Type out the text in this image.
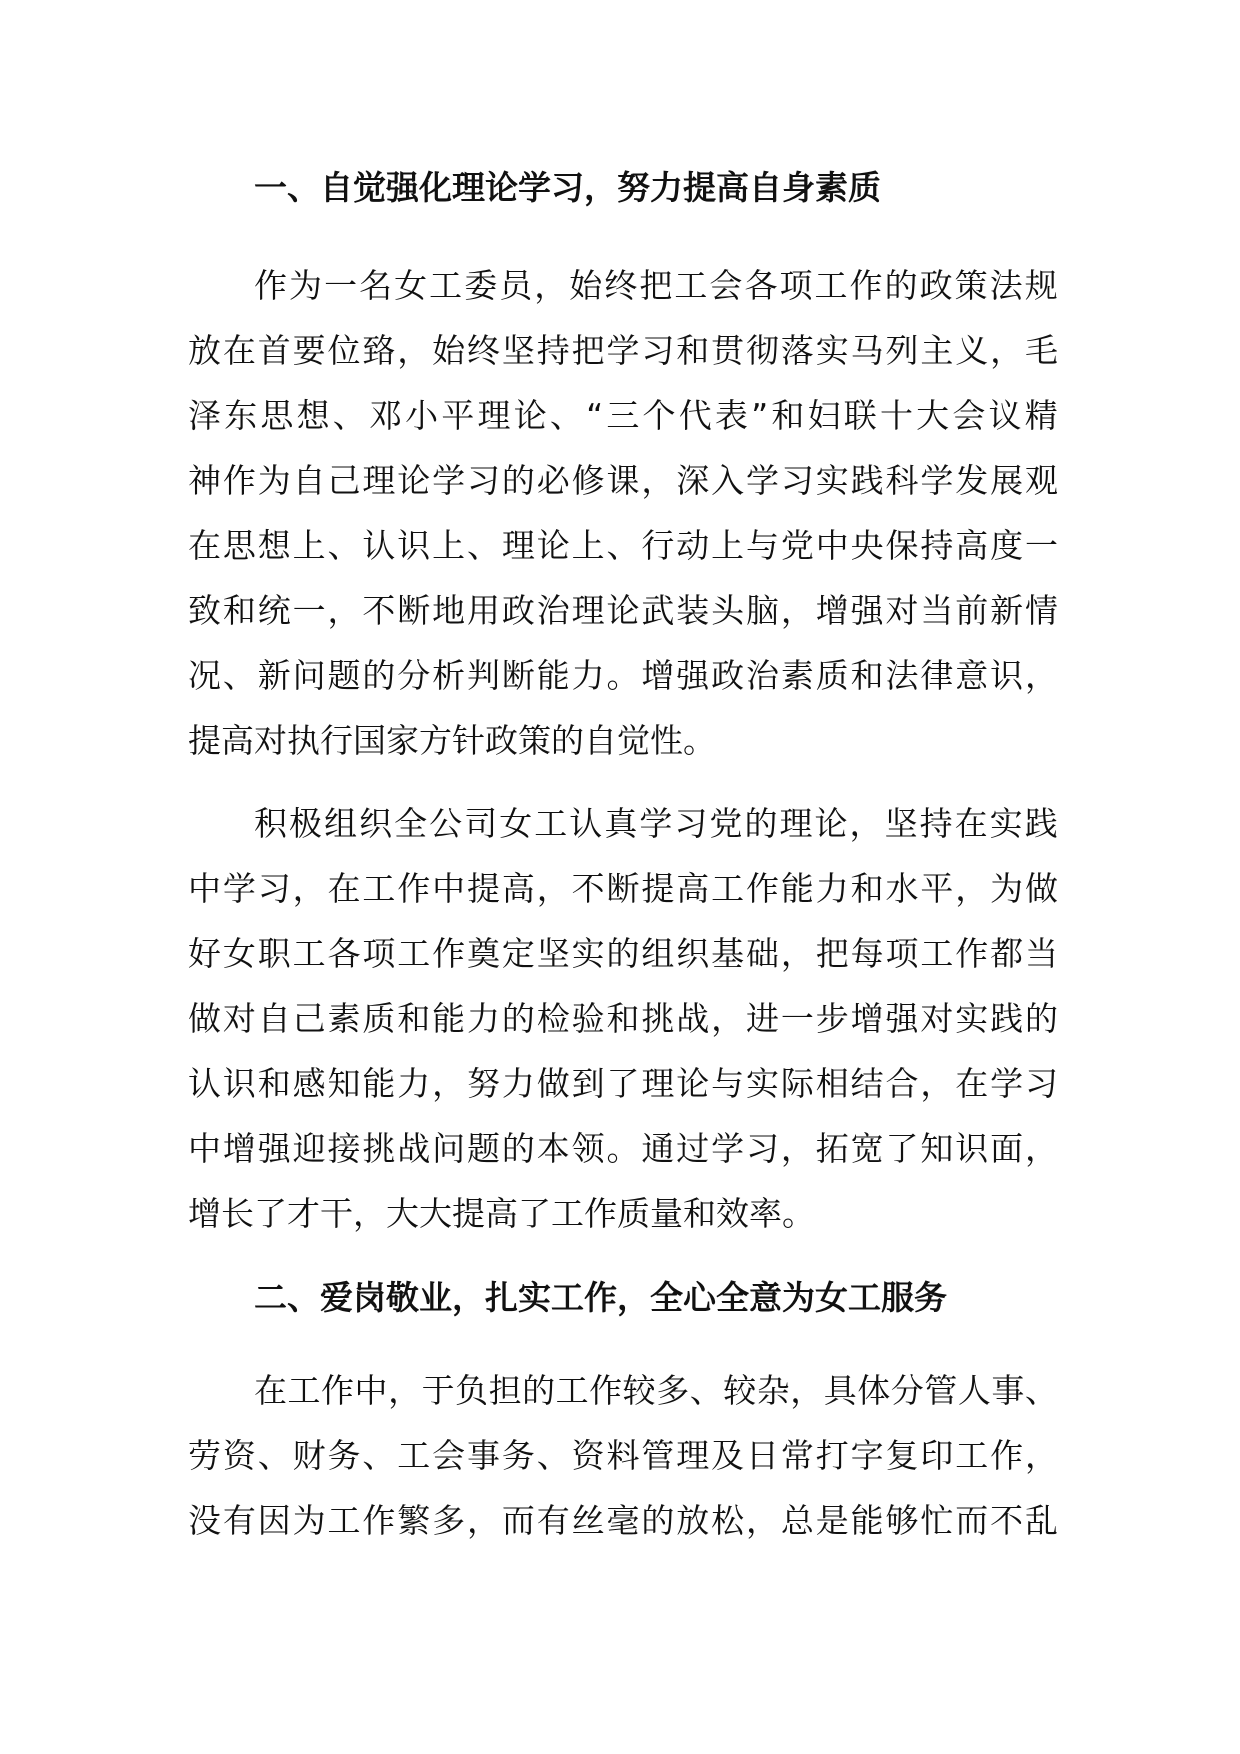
一、自觉强化理论学习，努力提高自身素质
作 为 一 名 女 工 委 员 ， 始 终 把 工 会 各 项 工 作 的 政 策 法 规
放 在 首 要 位 臵 ， 始 终 坚 持 把 学 习 和 贯 彻 落 实 马 列 主 义 ， 毛
泽 东 思 想 、 邓 小 平 理 论 、 “ 三 个 代 表 ” 和 妇 联 十 大 会 议 精
神 作 为 自 己 理 论 学 习 的 必 修 课 ， 深 入 学 习 实 践 科 学 发 展 观
在 思 想 上 、 认 识 上 、 理 论 上 、 行 动 上 与 党 中 央 保 持 高 度 一
致 和 统 一 ， 不 断 地 用 政 治 理 论 武 装 头 脑 ， 增 强 对 当 前 新 情
况 、 新 问 题 的 分 析 判 断 能 力 。 增 强 政 治 素 质 和 法 律 意 识 ，
提高对执行国家方针政策的自觉性。
积 极 组 织 全 公 司 女 工 认 真 学 习 党 的 理 论 ， 坚 持 在 实 践
中 学 习 ， 在 工 作 中 提 高 ， 不 断 提 高 工 作 能 力 和 水 平 ， 为 做
好 女 职 工 各 项 工 作 奠 定 坚 实 的 组 织 基 础 ， 把 每 项 工 作 都 当
做 对 自 己 素 质 和 能 力 的 检 验 和 挑 战 ， 进 一 步 增 强 对 实 践 的
认 识 和 感 知 能 力 ， 努 力 做 到 了 理 论 与 实 际 相 结 合 ， 在 学 习
中 增 强 迎 接 挑 战 问 题 的 本 领 。 通 过 学 习 ， 拓 宽 了 知 识 面 ，
增长了才干，大大提高了工作质量和效率。
二、爱岗敬业，扎实工作，全心全意为女工服务
在 工 作 中 ， 于 负 担 的 工 作 较 多 、 较 杂 ， 具 体 分 管 人 事 、
劳 资 、 财 务 、 工 会 事 务 、 资 料 管 理 及 日 常 打 字 复 印 工 作 ，
没 有 因 为 工 作 繁 多 ， 而 有 丝 毫 的 放 松 ， 总 是 能 够 忙 而 不 乱
